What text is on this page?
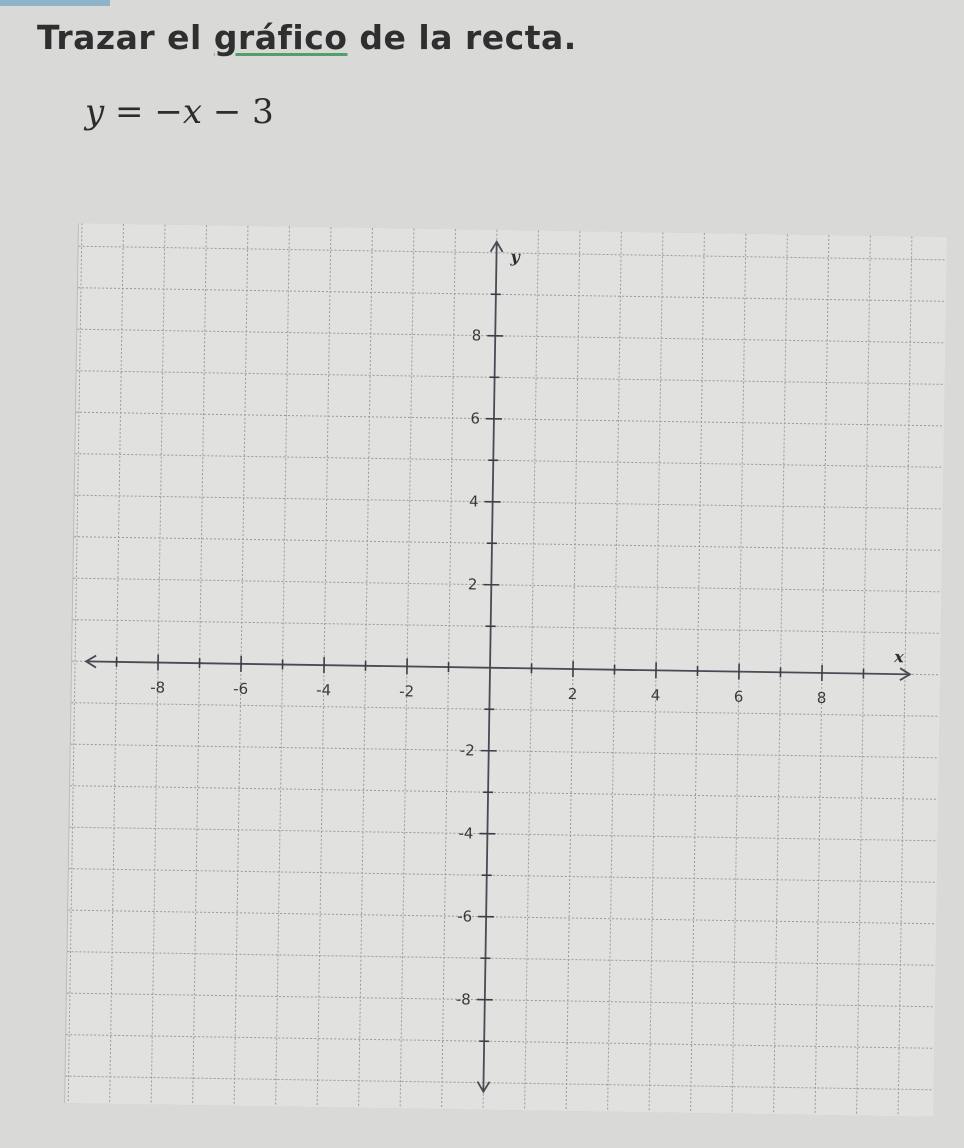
Trazar el gráfico de la recta.
y = −x − 3
x
y
-8	-6	-4	-2	2	4	6	8
8
6
4
2
-2
-4
-6
-8
